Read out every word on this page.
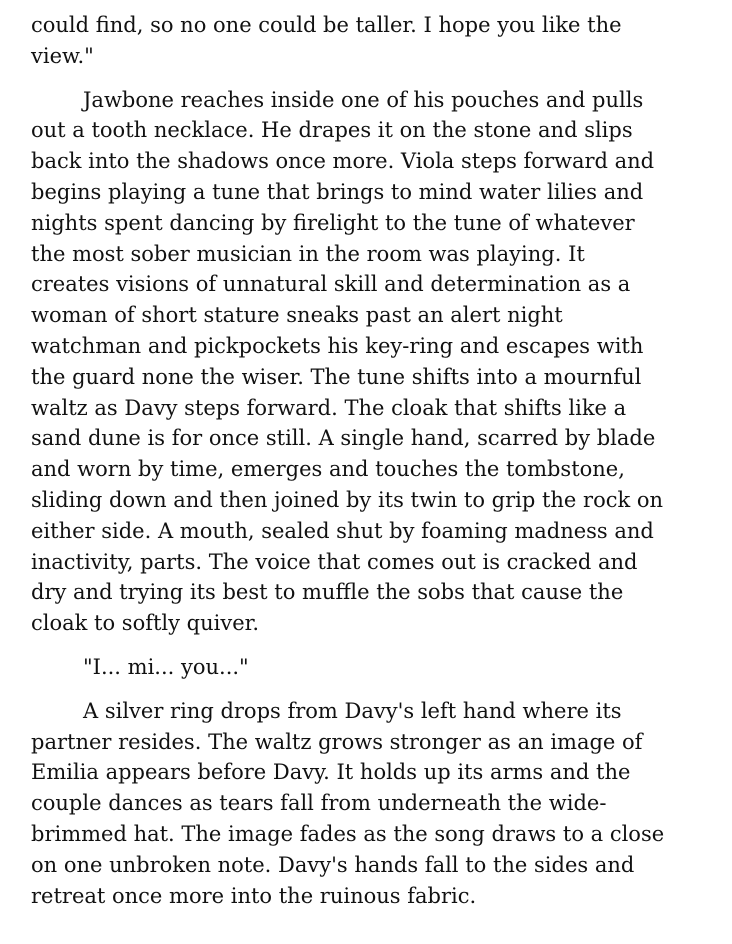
could find, so no one could be taller. I hope you like the
view."
Jawbone reaches inside one of his pouches and pulls
out a tooth necklace. He drapes it on the stone and slips
back into the shadows once more. Viola steps forward and
begins playing a tune that brings to mind water lilies and
nights spent dancing by firelight to the tune of whatever
the most sober musician in the room was playing. It
creates visions of unnatural skill and determination as a
woman of short stature sneaks past an alert night
watchman and pickpockets his key-ring and escapes with
the guard none the wiser. The tune shifts into a mournful
waltz as Davy steps forward. The cloak that shifts like a
sand dune is for once still. A single hand, scarred by blade
and worn by time, emerges and touches the tombstone,
sliding down and then joined by its twin to grip the rock on
either side. A mouth, sealed shut by foaming madness and
inactivity, parts. The voice that comes out is cracked and
dry and trying its best to muffle the sobs that cause the
cloak to softly quiver.
"I... mi... you..."
A silver ring drops from Davy's left hand where its
partner resides. The waltz grows stronger as an image of
Emilia appears before Davy. It holds up its arms and the
couple dances as tears fall from underneath the wide-
brimmed hat. The image fades as the song draws to a close
on one unbroken note. Davy's hands fall to the sides and
retreat once more into the ruinous fabric.
